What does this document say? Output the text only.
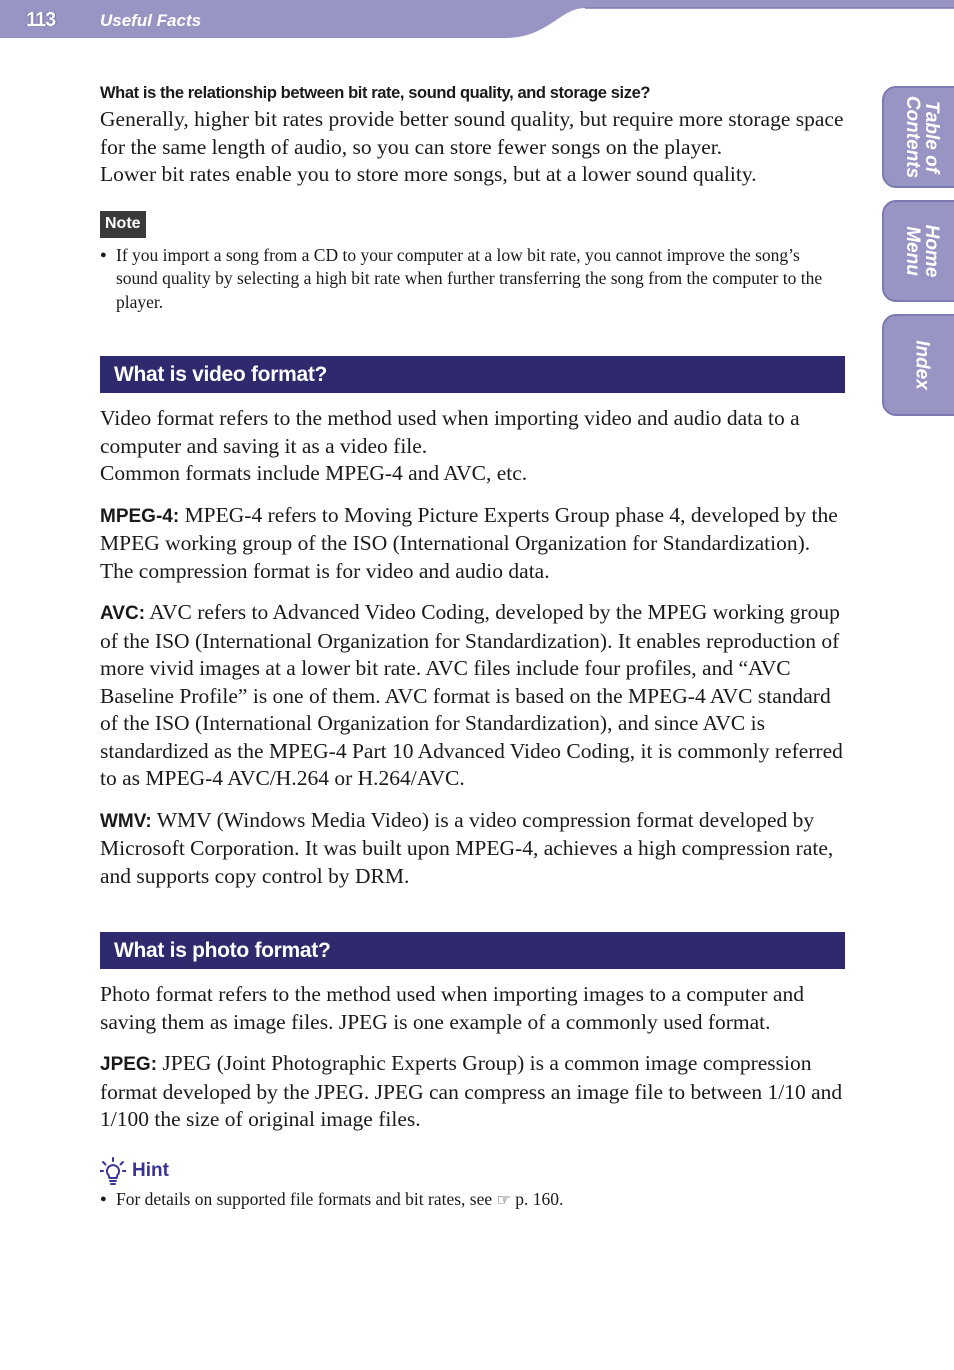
113	Useful Facts
Table of
Contents
Home
Menu
Index
What is the relationship between bit rate, sound quality, and storage size?

Generally, higher bit rates provide better sound quality, but require more storage space for the same length of audio, so you can store fewer songs on the player.

Lower bit rates enable you to store more songs, but at a lower sound quality.

Note
● If you import a song from a CD to your computer at a low bit rate, you cannot improve the song’s sound quality by selecting a high bit rate when further transferring the song from the computer to the player.
What is video format?

Video format refers to the method used when importing video and audio data to a computer and saving it as a video file.

Common formats include MPEG-4 and AVC, etc.

MPEG-4: MPEG-4 refers to Moving Picture Experts Group phase 4, developed by the MPEG working group of the ISO (International Organization for Standardization). The compression format is for video and audio data.

AVC: AVC refers to Advanced Video Coding, developed by the MPEG working group of the ISO (International Organization for Standardization). It enables reproduction of more vivid images at a lower bit rate. AVC files include four profiles, and “AVC Baseline Profile” is one of them. AVC format is based on the MPEG-4 AVC standard of the ISO (International Organization for Standardization), and since AVC is standardized as the MPEG-4 Part 10 Advanced Video Coding, it is commonly referred to as MPEG-4 AVC/H.264 or H.264/AVC.

WMV: WMV (Windows Media Video) is a video compression format developed by Microsoft Corporation. It was built upon MPEG-4, achieves a high compression rate, and supports copy control by DRM.

What is photo format?

Photo format refers to the method used when importing images to a computer and saving them as image files. JPEG is one example of a commonly used format.

JPEG: JPEG (Joint Photographic Experts Group) is a common image compression format developed by the JPEG. JPEG can compress an image file to between 1/10 and 1/100 the size of original image files.

Hint
● For details on supported file formats and bit rates, see ☞ p. 160.
